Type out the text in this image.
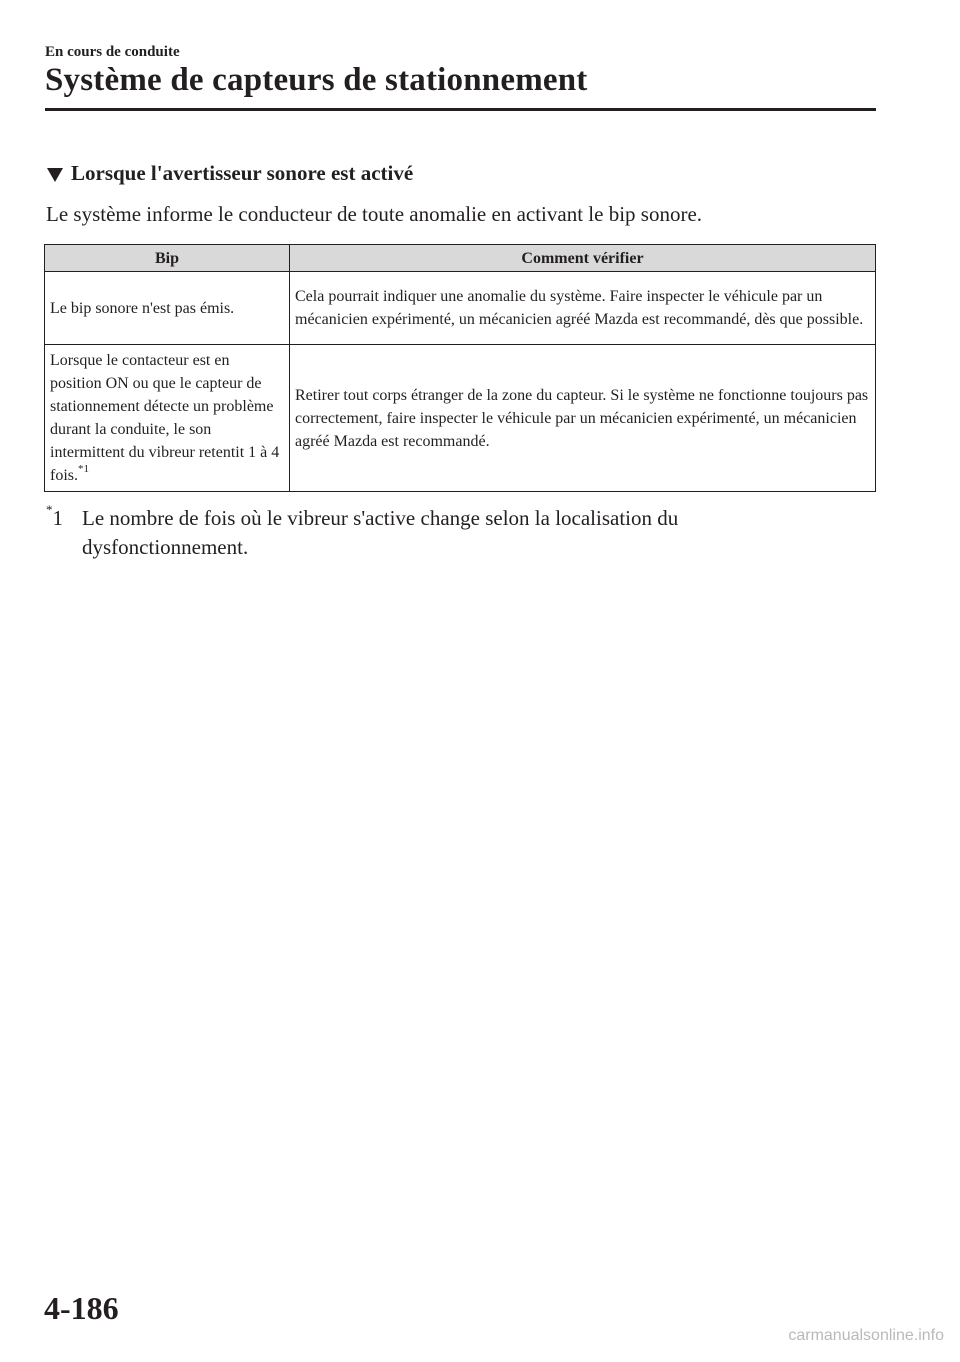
En cours de conduite

Système de capteurs de stationnement
Lorsque l'avertisseur sonore est activé

Le système informe le conducteur de toute anomalie en activant le bip sonore.

Bip	Comment vérifier
Le bip sonore n'est pas émis.	Cela pourrait indiquer une anomalie du système. Faire inspecter le véhicule par un mécanicien expérimenté, un mécanicien agréé Mazda est recommandé, dès que possible.
Lorsque le contacteur est en position ON ou que le capteur de stationnement détecte un problème durant la conduite, le son intermittent du vibreur retentit 1 à 4 fois.$^{*1}$	Retirer tout corps étranger de la zone du capteur. Si le système ne fonctionne toujours pas correctement, faire inspecter le véhicule par un mécanicien expérimenté, un mécanicien agréé Mazda est recommandé.
*1 Le nombre de fois où le vibreur s'active change selon la localisation du dysfonctionnement.

4-186

carmanualsonline.info
